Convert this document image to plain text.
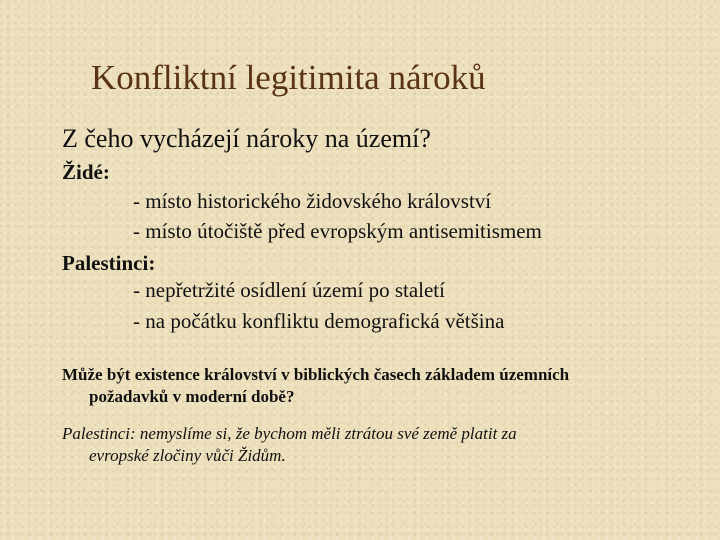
Konfliktní legitimita nároků
Z čeho vycházejí nároky na území?
Židé:
- místo historického židovského království
- místo útočiště před evropským antisemitismem
Palestinci:
- nepřetržité osídlení území po staletí
- na počátku konfliktu demografická většina
Může být existence království v biblických časech základem územních
požadavků v moderní době?
Palestinci: nemyslíme si, že bychom měli ztrátou své země platit za
evropské zločiny vůči Židům.
